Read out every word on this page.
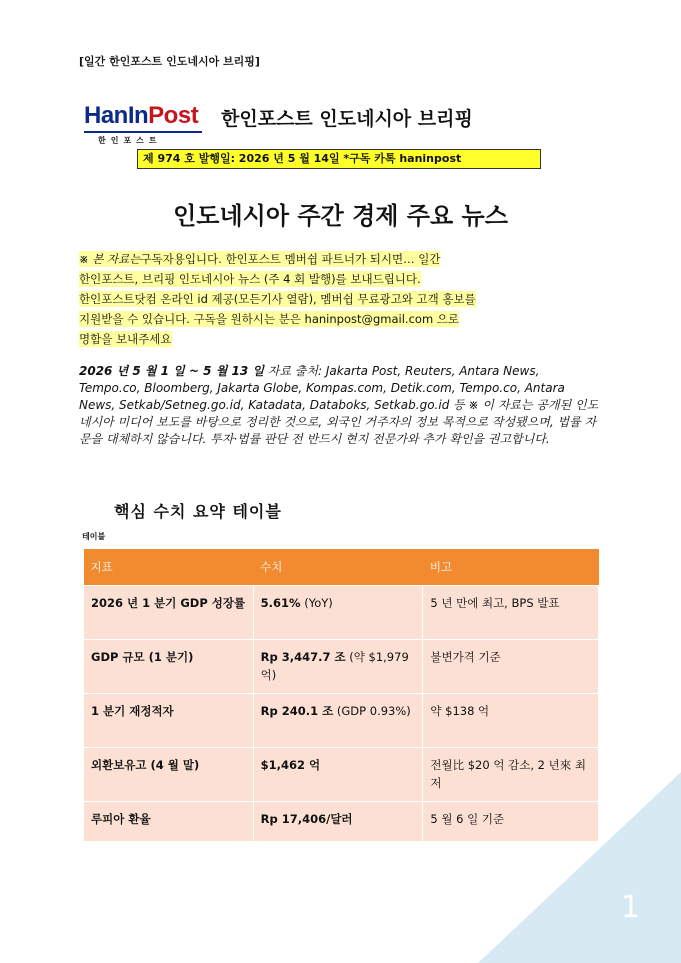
[일간 한인포스트 인도네시아 브리핑]
HanInPost
한인포스트
한인포스트 인도네시아 브리핑
제 974 호 발행일: 2026 년 5 월 14일 *구독 카톡 haninpost
인도네시아 주간 경제 주요 뉴스
※ 본 자료는구독자용입니다. 한인포스트 멤버쉽 파트너가 되시면… 일간
한인포스트, 브리핑 인도네시아 뉴스 (주 4 회 발행)를 보내드립니다.
한인포스트닷컴 온라인 id 제공(모든기사 열람), 멤버쉽 무료광고와 고객 홍보를
지원받을 수 있습니다. 구독을 원하시는 분은 haninpost@gmail.com 으로
명함을 보내주세요
2026 년 5 월 1 일 ~ 5 월 13 일 자료 출처: Jakarta Post, Reuters, Antara News, Tempo.co, Bloomberg, Jakarta Globe, Kompas.com, Detik.com, Tempo.co, Antara News, Setkab/Setneg.go.id, Katadata, Databoks, Setkab.go.id 등 ※ 이 자료는 공개된 인도네시아 미디어 보도를 바탕으로 정리한 것으로, 외국인 거주자의 정보 목적으로 작성됐으며, 법률 자문을 대체하지 않습니다. 투자·법률 판단 전 반드시 현지 전문가와 추가 확인을 권고합니다.
핵심 수치 요약 테이블
테이블
지표	수치	비고
2026 년 1 분기 GDP 성장률	5.61% (YoY)	5 년 만에 최고, BPS 발표
GDP 규모 (1 분기)	Rp 3,447.7 조 (약 $1,979 억)	불변가격 기준
1 분기 재정적자	Rp 240.1 조 (GDP 0.93%)	약 $138 억
외환보유고 (4 월 말)	$1,462 억	전월比 $20 억 감소, 2 년來 최저
루피아 환율	Rp 17,406/달러	5 월 6 일 기준
1
